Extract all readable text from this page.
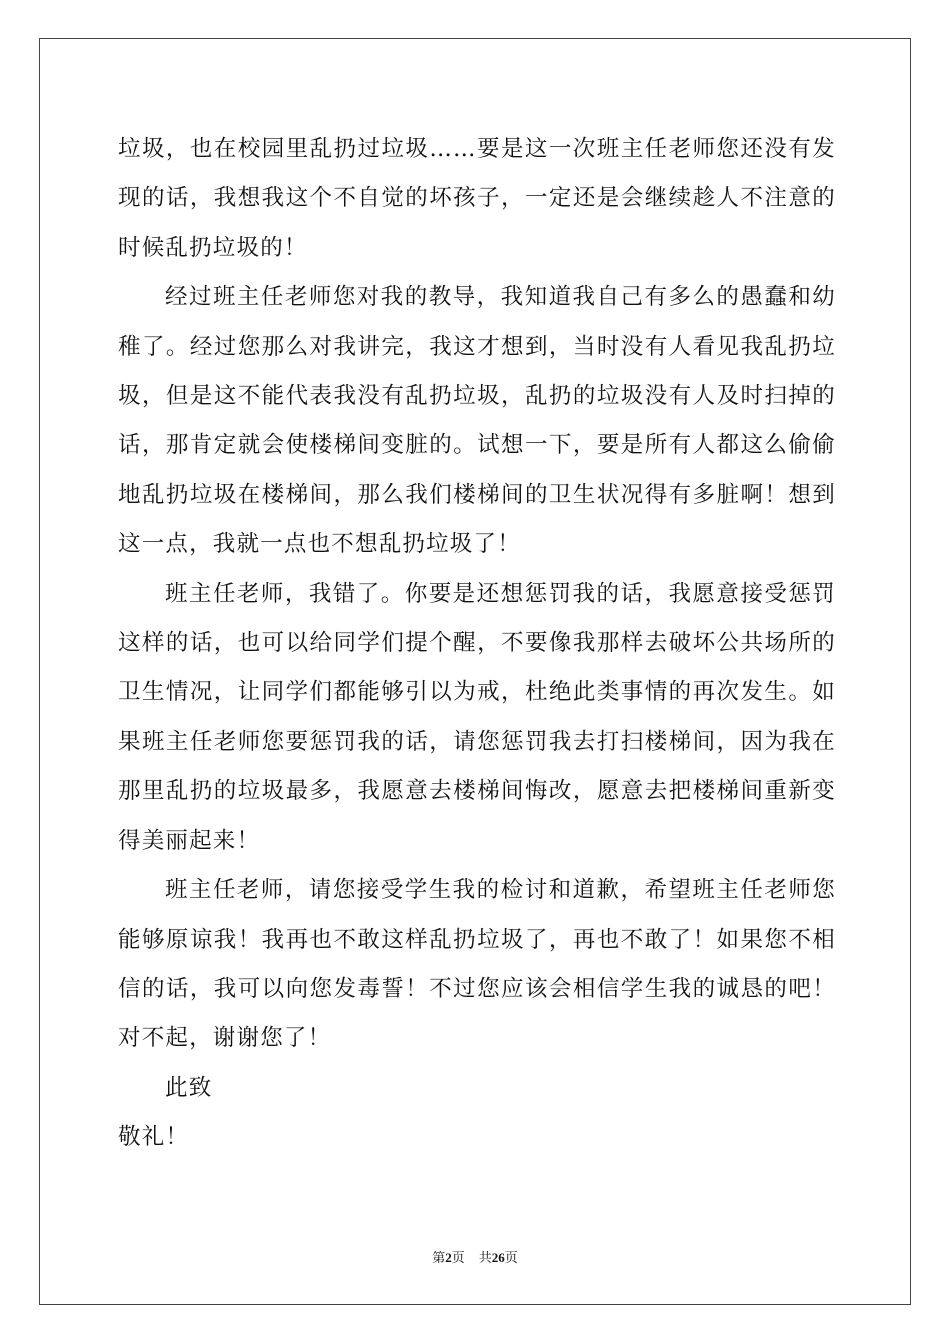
垃圾，也在校园里乱扔过垃圾……要是这一次班主任老师您还没有发现的话，我想我这个不自觉的坏孩子，一定还是会继续趁人不注意的时候乱扔垃圾的！

经过班主任老师您对我的教导，我知道我自己有多么的愚蠢和幼稚了。经过您那么对我讲完，我这才想到，当时没有人看见我乱扔垃圾，但是这不能代表我没有乱扔垃圾，乱扔的垃圾没有人及时扫掉的话，那肯定就会使楼梯间变脏的。试想一下，要是所有人都这么偷偷地乱扔垃圾在楼梯间，那么我们楼梯间的卫生状况得有多脏啊！想到这一点，我就一点也不想乱扔垃圾了！

班主任老师，我错了。你要是还想惩罚我的话，我愿意接受惩罚这样的话，也可以给同学们提个醒，不要像我那样去破坏公共场所的卫生情况，让同学们都能够引以为戒，杜绝此类事情的再次发生。如果班主任老师您要惩罚我的话，请您惩罚我去打扫楼梯间，因为我在那里乱扔的垃圾最多，我愿意去楼梯间悔改，愿意去把楼梯间重新变得美丽起来！

班主任老师，请您接受学生我的检讨和道歉，希望班主任老师您能够原谅我！我再也不敢这样乱扔垃圾了，再也不敢了！如果您不相信的话，我可以向您发毒誓！不过您应该会相信学生我的诚恳的吧！对不起，谢谢您了！

此致

敬礼！

第2页 共26页
